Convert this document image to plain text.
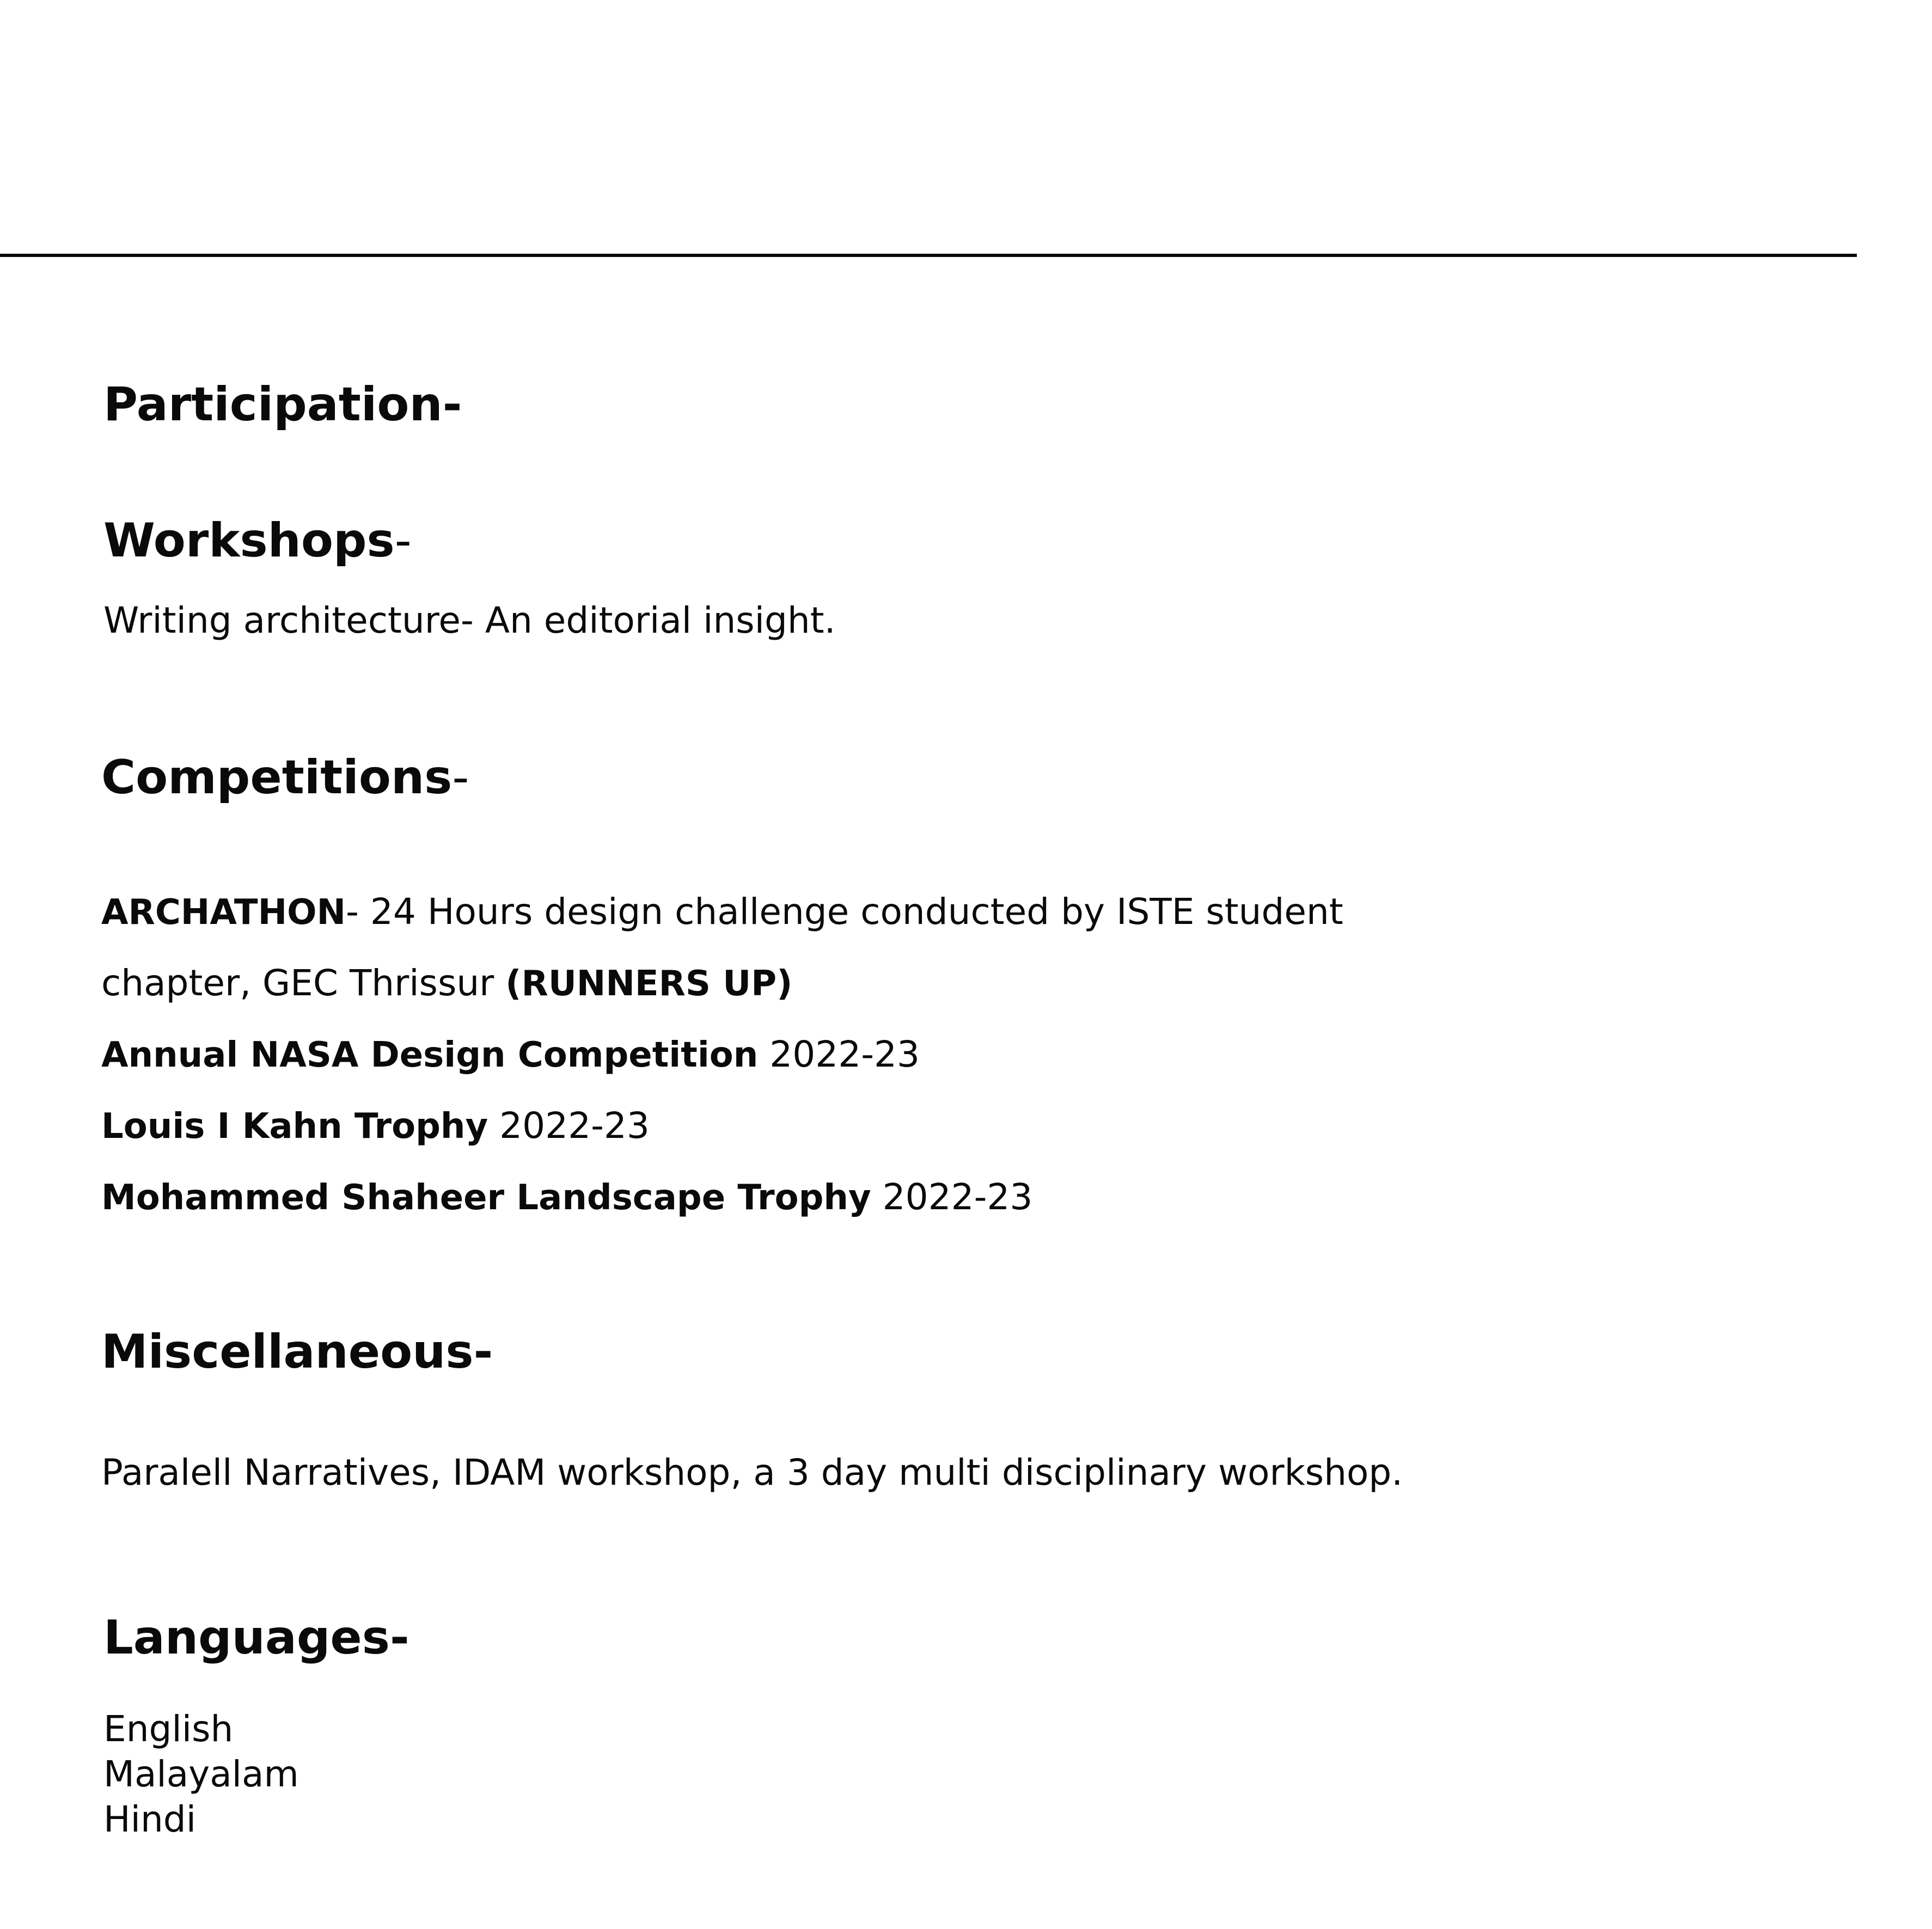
Participation-
Workshops-

Writing architecture- An editorial insight.

Competitions-

ARCHATHON- 24 Hours design challenge conducted by ISTE student

chapter, GEC Thrissur (RUNNERS UP)

Annual NASA Design Competition 2022-23

Louis I Kahn Trophy 2022-23

Mohammed Shaheer Landscape Trophy 2022-23

Miscellaneous-

Paralell Narratives, IDAM workshop, a 3 day multi disciplinary workshop.

Languages-
English
Malayalam
Hindi
